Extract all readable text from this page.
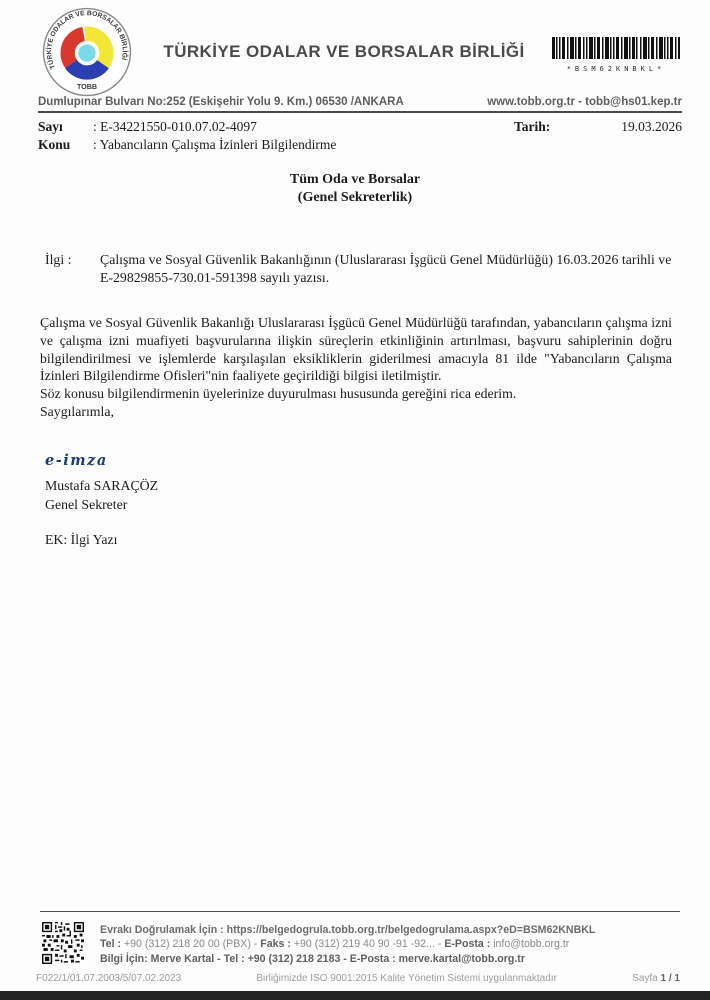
TÜRKİYE ODALAR VE BORSALAR BİRLİĞİ
TOBB
TÜRKİYE ODALAR VE BORSALAR BİRLİĞİ
*BSM62KNBKL*
Dumlupınar Bulvarı No:252 (Eskişehir Yolu 9. Km.) 06530 /ANKARA	www.tobb.org.tr - tobb@hs01.kep.tr
Sayı	: E-34221550-010.07.02-4097	Tarih:	19.03.2026
Konu	: Yabancıların Çalışma İzinleri Bilgilendirme
Tüm Oda ve Borsalar
(Genel Sekreterlik)
İlgi :	Çalışma ve Sosyal Güvenlik Bakanlığının (Uluslararası İşgücü Genel Müdürlüğü) 16.03.2026 tarihli ve E-29829855-730.01-591398 sayılı yazısı.

Çalışma ve Sosyal Güvenlik Bakanlığı Uluslararası İşgücü Genel Müdürlüğü tarafından, yabancıların çalışma izni ve çalışma izni muafiyeti başvurularına ilişkin süreçlerin etkinliğinin artırılması, başvuru sahiplerinin doğru bilgilendirilmesi ve işlemlerde karşılaşılan eksikliklerin giderilmesi amacıyla 81 ilde "Yabancıların Çalışma İzinleri Bilgilendirme Ofisleri"nin faaliyete geçirildiği bilgisi iletilmiştir.

Söz konusu bilgilendirmenin üyelerinize duyurulması hususunda gereğini rica ederim.

Saygılarımla,

e-imza
Mustafa SARAÇÖZ
Genel Sekreter
EK: İlgi Yazı
Evrakı Doğrulamak İçin : https://belgedogrula.tobb.org.tr/belgedogrulama.aspx?eD=BSM62KNBKL
Tel : +90 (312) 218 20 00 (PBX) - Faks : +90 (312) 219 40 90 -91 -92... - E-Posta : info@tobb.org.tr
Bilgi İçin: Merve Kartal - Tel : +90 (312) 218 2183 - E-Posta : merve.kartal@tobb.org.tr
F022/1/01.07.2003/5/07.02.2023	Birliğimizde ISO 9001:2015 Kalite Yönetim Sistemi uygulanmaktadır	Sayfa 1 / 1
